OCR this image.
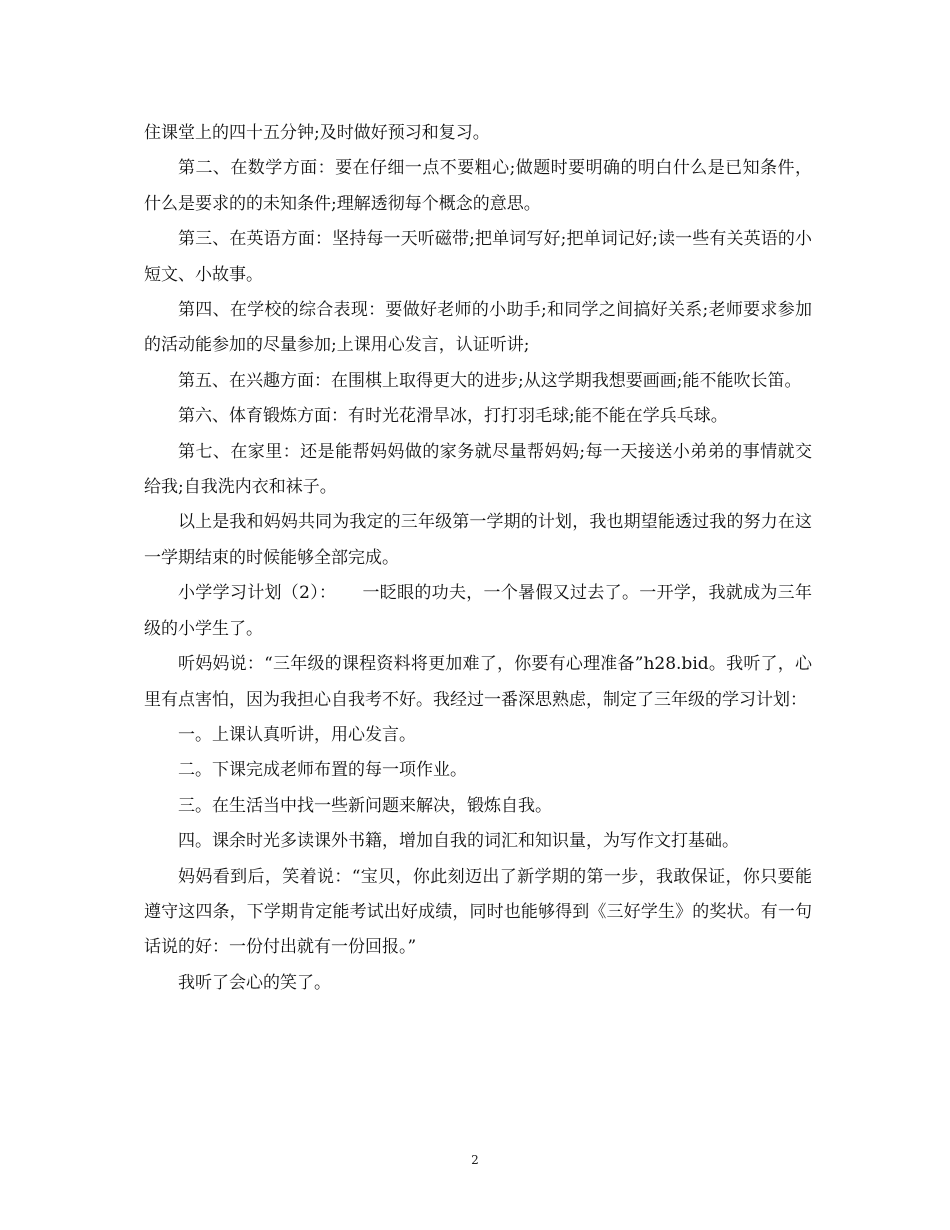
住课堂上的四十五分钟;及时做好预习和复习。

第二、在数学方面：要在仔细一点不要粗心;做题时要明确的明白什么是已知条件，什么是要求的的未知条件;理解透彻每个概念的意思。

第三、在英语方面：坚持每一天听磁带;把单词写好;把单词记好;读一些有关英语的小短文、小故事。

第四、在学校的综合表现：要做好老师的小助手;和同学之间搞好关系;老师要求参加的活动能参加的尽量参加;上课用心发言，认证听讲;

第五、在兴趣方面：在围棋上取得更大的进步;从这学期我想要画画;能不能吹长笛。

第六、体育锻炼方面：有时光花滑旱冰，打打羽毛球;能不能在学兵乓球。

第七、在家里：还是能帮妈妈做的家务就尽量帮妈妈;每一天接送小弟弟的事情就交给我;自我洗内衣和袜子。

以上是我和妈妈共同为我定的三年级第一学期的计划，我也期望能透过我的努力在这一学期结束的时候能够全部完成。

小学学习计划（2）：　　一眨眼的功夫，一个暑假又过去了。一开学，我就成为三年级的小学生了。

听妈妈说：“三年级的课程资料将更加难了，你要有心理准备”h28.bid。我听了，心里有点害怕，因为我担心自我考不好。我经过一番深思熟虑，制定了三年级的学习计划：

一。上课认真听讲，用心发言。

二。下课完成老师布置的每一项作业。

三。在生活当中找一些新问题来解决，锻炼自我。

四。课余时光多读课外书籍，增加自我的词汇和知识量，为写作文打基础。

妈妈看到后，笑着说：“宝贝，你此刻迈出了新学期的第一步，我敢保证，你只要能遵守这四条，下学期肯定能考试出好成绩，同时也能够得到《三好学生》的奖状。有一句话说的好：一份付出就有一份回报。”

我听了会心的笑了。

2
